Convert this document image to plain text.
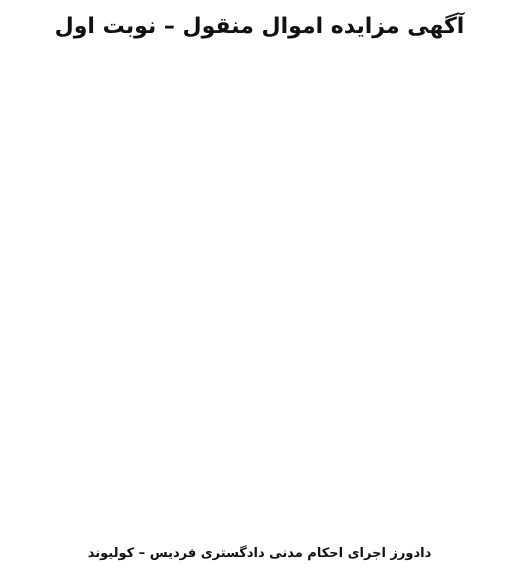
آگهی مزایده اموال منقول – نوبت اول
دادورز اجرای احکام مدنی دادگستری فردیس – کولیوند
